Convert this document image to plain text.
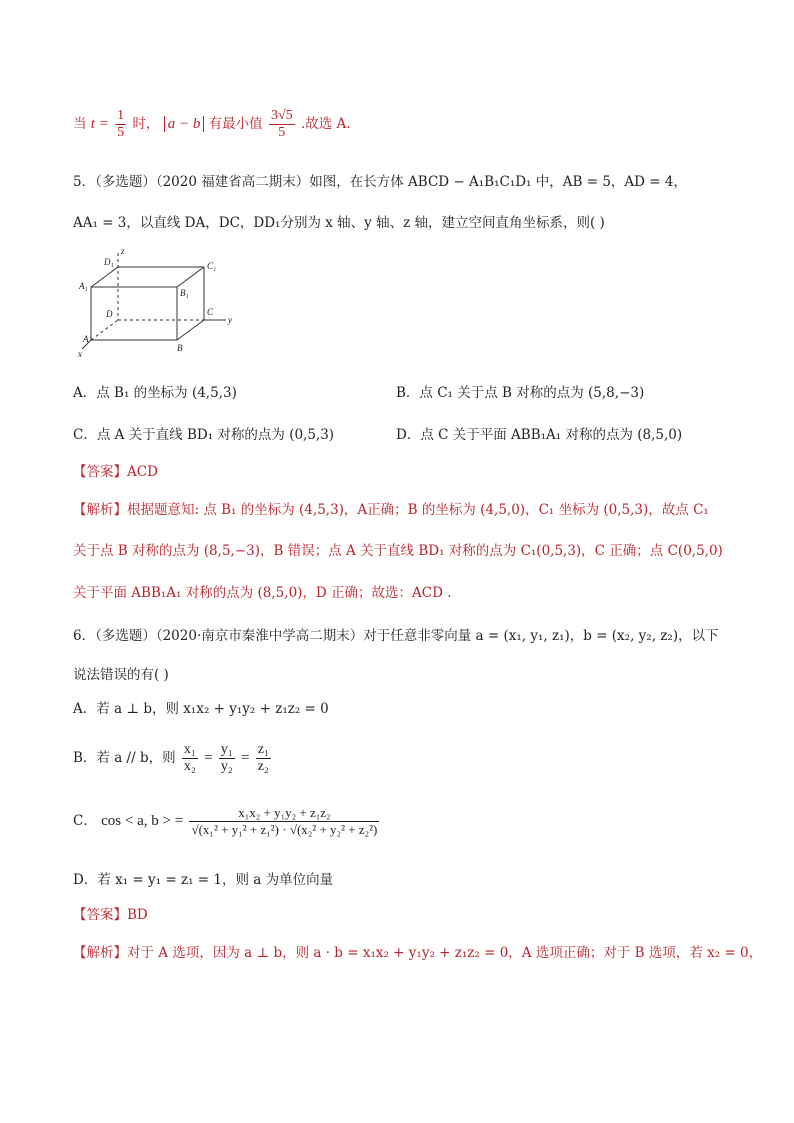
当 $t = \frac{1}{5}$ 时， a − b 有最小值 $\frac{3√5}{5}$ .故选 A.
5．（多选题）（2020 福建省高二期末）如图，在长方体 ABCD − A₁B₁C₁D₁ 中，AB = 5，AD = 4，
AA₁ = 3，以直线 DA，DC，DD₁分别为 x 轴、y 轴、z 轴，建立空间直角坐标系，则( )
z
y
x
D₁	C₁
A₁
B₁
D	C
A
B
A．点 B₁ 的坐标为 (4,5,3)	B．点 C₁ 关于点 B 对称的点为 (5,8,−3)
C．点 A 关于直线 BD₁ 对称的点为 (0,5,3)	D．点 C 关于平面 ABB₁A₁ 对称的点为 (8,5,0)
【答案】ACD
【解析】根据题意知: 点 B₁ 的坐标为 (4,5,3)，A正确；B 的坐标为 (4,5,0)，C₁ 坐标为 (0,5,3)，故点 C₁
关于点 B 对称的点为 (8,5,−3)，B 错误；点 A 关于直线 BD₁ 对称的点为 C₁(0,5,3)，C 正确；点 C(0,5,0)
关于平面 ABB₁A₁ 对称的点为 (8,5,0)，D 正确；故选：ACD .
6．（多选题）（2020·南京市秦淮中学高二期末）对于任意非零向量 a = (x₁, y₁, z₁)，b = (x₂, y₂, z₂)，以下
说法错误的有( )
A．若 a ⊥ b，则 x₁x₂ + y₁y₂ + z₁z₂ = 0
B．若 a // b，则 $\frac{\text{x₁}}{\text{x₂}} = \frac{\text{y₁}}{\text{y₂}} = \frac{\text{z₁}}{\text{z₂}}$
C． cos < a, b > = $\frac{\text{x₁x₂ + y₁y₂ + z₁z₂}}{\text{√(x₁² + y₁² + z₁²) · √(x₂² + y₂² + z₂²)}}$
D．若 x₁ = y₁ = z₁ = 1，则 a 为单位向量
【答案】BD
【解析】对于 A 选项，因为 a ⊥ b，则 a · b = x₁x₂ + y₁y₂ + z₁z₂ = 0，A 选项正确；对于 B 选项，若 x₂ = 0，
